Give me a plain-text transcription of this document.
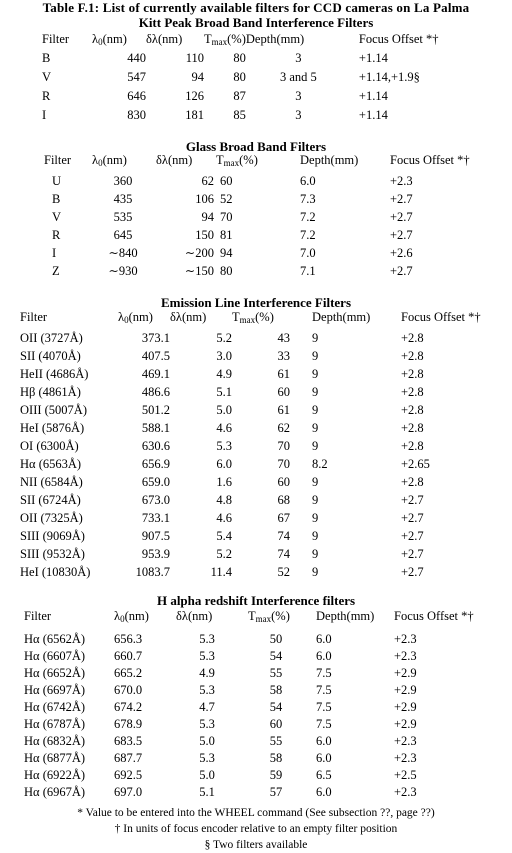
Table F.1: List of currently available filters for CCD cameras on La Palma
Kitt Peak Broad Band Interference Filters
Filter	$\lambda_0(nm)$	δλ(nm)	$T_{max}(\%)$	Depth(mm)	Focus Offset *†
B	440	110	80	3	+1.14
V	547	94	80	3 and 5	+1.14,+1.9§
R	646	126	87	3	+1.14
I	830	181	85	3	+1.14
Glass Broad Band Filters
Filter	$\lambda_0(nm)$	δλ(nm)	$T_{max}(\%)$	Depth(mm)	Focus Offset *†
U	360	62	60	6.0	+2.3
B	435	106	52	7.3	+2.7
V	535	94	70	7.2	+2.7
R	645	150	81	7.2	+2.7
I	∼840	∼200	94	7.0	+2.6
Z	∼930	∼150	80	7.1	+2.7
Emission Line Interference Filters
Filter	$\lambda_0(nm)$	δλ(nm)	$T_{max}(\%)$	Depth(mm)	Focus Offset *†
OII (3727Å)	373.1	5.2	43	9	+2.8
SII (4070Å)	407.5	3.0	33	9	+2.8
HeII (4686Å)	469.1	4.9	61	9	+2.8
Hβ (4861Å)	486.6	5.1	60	9	+2.8
OIII (5007Å)	501.2	5.0	61	9	+2.8
HeI (5876Å)	588.1	4.6	62	9	+2.8
OI (6300Å)	630.6	5.3	70	9	+2.8
Hα (6563Å)	656.9	6.0	70	8.2	+2.65
NII (6584Å)	659.0	1.6	60	9	+2.8
SII (6724Å)	673.0	4.8	68	9	+2.7
OII (7325Å)	733.1	4.6	67	9	+2.7
SIII (9069Å)	907.5	5.4	74	9	+2.7
SIII (9532Å)	953.9	5.2	74	9	+2.7
HeI (10830Å)	1083.7	11.4	52	9	+2.7
H alpha redshift Interference filters
Filter	$\lambda_0(nm)$	δλ(nm)	$T_{max}(\%)$	Depth(mm)	Focus Offset *†
Hα (6562Å)	656.3	5.3	50	6.0	+2.3
Hα (6607Å)	660.7	5.3	54	6.0	+2.3
Hα (6652Å)	665.2	4.9	55	7.5	+2.9
Hα (6697Å)	670.0	5.3	58	7.5	+2.9
Hα (6742Å)	674.2	4.7	54	7.5	+2.9
Hα (6787Å)	678.9	5.3	60	7.5	+2.9
Hα (6832Å)	683.5	5.0	55	6.0	+2.3
Hα (6877Å)	687.7	5.3	58	6.0	+2.3
Hα (6922Å)	692.5	5.0	59	6.5	+2.5
Hα (6967Å)	697.0	5.1	57	6.0	+2.3
* Value to be entered into the WHEEL command (See subsection ??, page ??)
† In units of focus encoder relative to an empty filter position
§ Two filters available
